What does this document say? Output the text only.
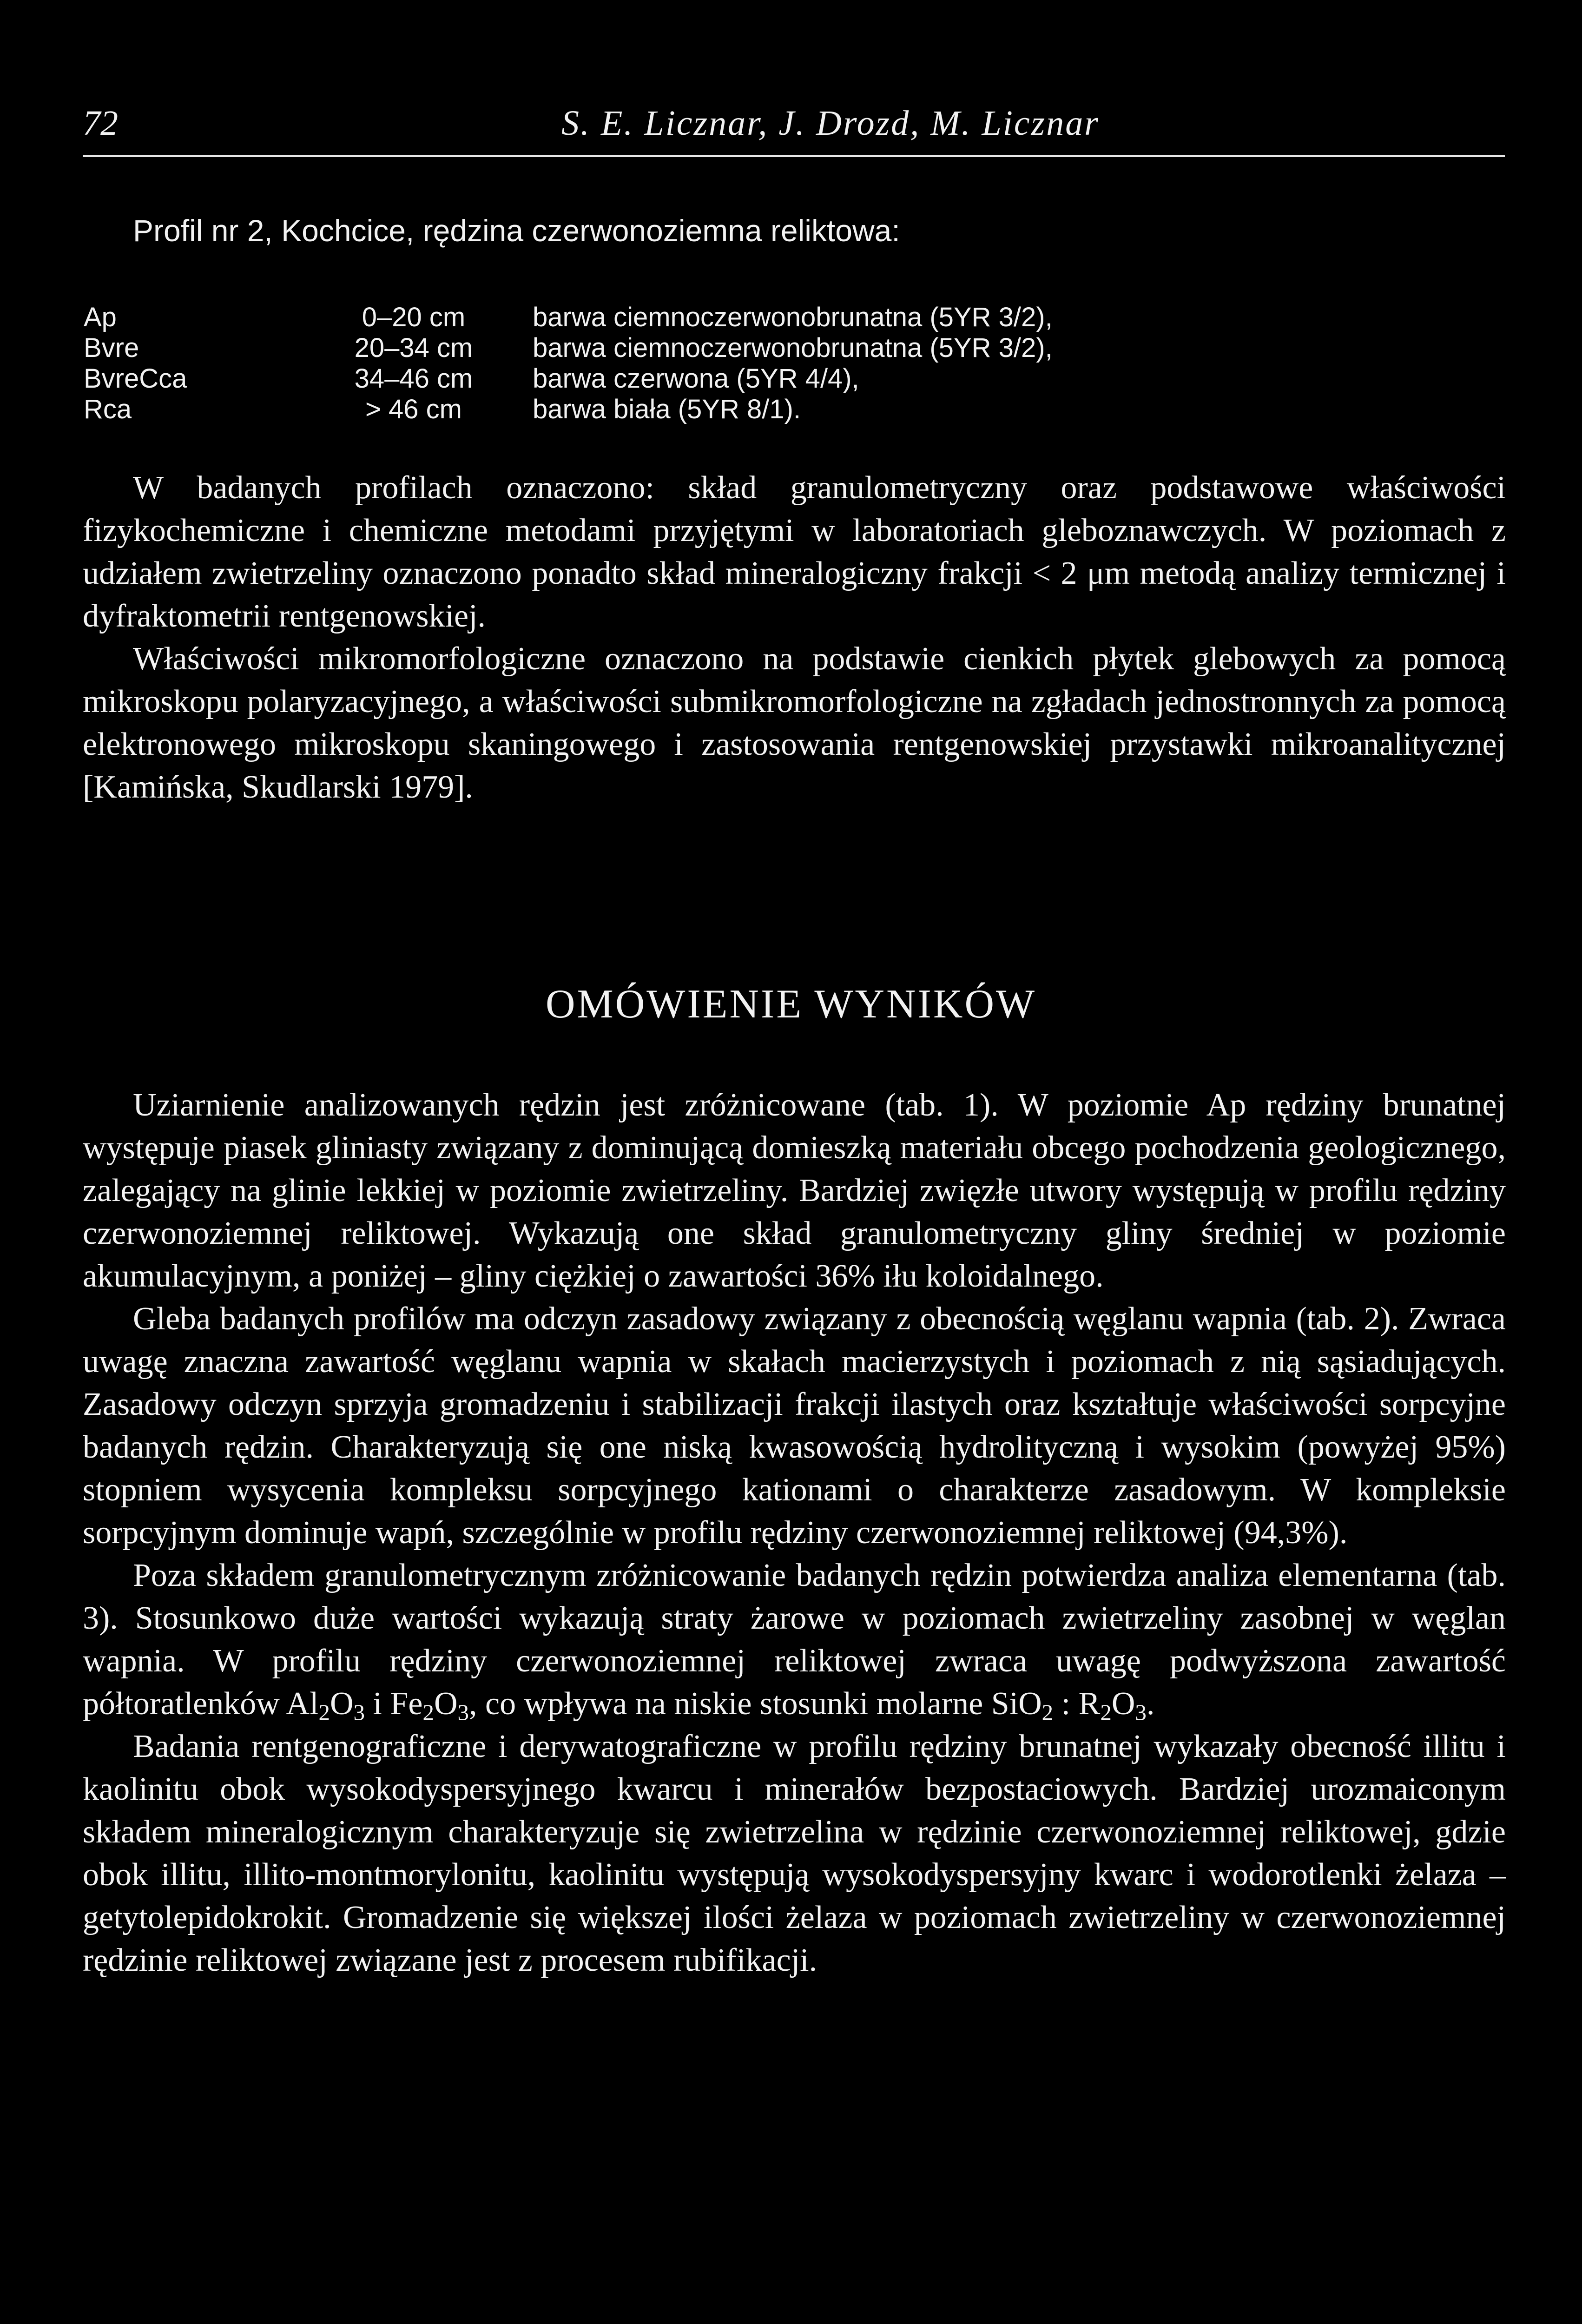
72	S. E. Licznar, J. Drozd, M. Licznar
Profil nr 2, Kochcice, rędzina czerwonoziemna reliktowa:
Ap	0–20 cm	barwa ciemnoczerwonobrunatna (5YR 3/2),
Bvre	20–34 cm	barwa ciemnoczerwonobrunatna (5YR 3/2),
BvreCca	34–46 cm	barwa czerwona (5YR 4/4),
Rca	> 46 cm	barwa biała (5YR 8/1).

W badanych profilach oznaczono: skład granulometryczny oraz podstawowe właściwości fizykochemiczne i chemiczne metodami przyjętymi w laboratoriach gleboznawczych. W poziomach z udziałem zwietrzeliny oznaczono ponadto skład mineralogiczny frakcji < 2 μm metodą analizy termicznej i dyfraktometrii rentgenowskiej.

Właściwości mikromorfologiczne oznaczono na podstawie cienkich płytek glebowych za pomocą mikroskopu polaryzacyjnego, a właściwości submikromorfologiczne na zgładach jednostronnych za pomocą elektronowego mikroskopu skaningowego i zastosowania rentgenowskiej przystawki mikroanalitycznej [Kamińska, Skudlarski 1979].

OMÓWIENIE WYNIKÓW

Uziarnienie analizowanych rędzin jest zróżnicowane (tab. 1). W poziomie Ap rędziny brunatnej występuje piasek gliniasty związany z dominującą domieszką materiału obcego pochodzenia geologicznego, zalegający na glinie lekkiej w poziomie zwietrzeliny. Bardziej zwięzłe utwory występują w profilu rędziny czerwonoziemnej reliktowej. Wykazują one skład granulometryczny gliny średniej w poziomie akumulacyjnym, a poniżej – gliny ciężkiej o zawartości 36% iłu koloidalnego.

Gleba badanych profilów ma odczyn zasadowy związany z obecnością węglanu wapnia (tab. 2). Zwraca uwagę znaczna zawartość węglanu wapnia w skałach macierzystych i poziomach z nią sąsiadujących. Zasadowy odczyn sprzyja gromadzeniu i stabilizacji frakcji ilastych oraz kształtuje właściwości sorpcyjne badanych rędzin. Charakteryzują się one niską kwasowością hydrolityczną i wysokim (powyżej 95%) stopniem wysycenia kompleksu sorpcyjnego kationami o charakterze zasadowym. W kompleksie sorpcyjnym dominuje wapń, szczególnie w profilu rędziny czerwonoziemnej reliktowej (94,3%).

Poza składem granulometrycznym zróżnicowanie badanych rędzin potwierdza analiza elementarna (tab. 3). Stosunkowo duże wartości wykazują straty żarowe w poziomach zwietrzeliny zasobnej w węglan wapnia. W profilu rędziny czerwonoziemnej reliktowej zwraca uwagę podwyższona zawartość półtoratlenków $Al_2O_3$ i $Fe_2O_3$, co wpływa na niskie stosunki molarne SiO$_2$ : $R_2O_3$.

Badania rentgenograficzne i derywatograficzne w profilu rędziny brunatnej wykazały obecność illitu i kaolinitu obok wysokodyspersyjnego kwarcu i minerałów bezpostaciowych. Bardziej urozmaiconym składem mineralogicznym charakteryzuje się zwietrzelina w rędzinie czerwonoziemnej reliktowej, gdzie obok illitu, illito-montmorylonitu, kaolinitu występują wysokodyspersyjny kwarc i wodorotlenki żelaza – getytolepidokrokit. Gromadzenie się większej ilości żelaza w poziomach zwietrzeliny w czerwonoziemnej rędzinie reliktowej związane jest z procesem rubifikacji.
